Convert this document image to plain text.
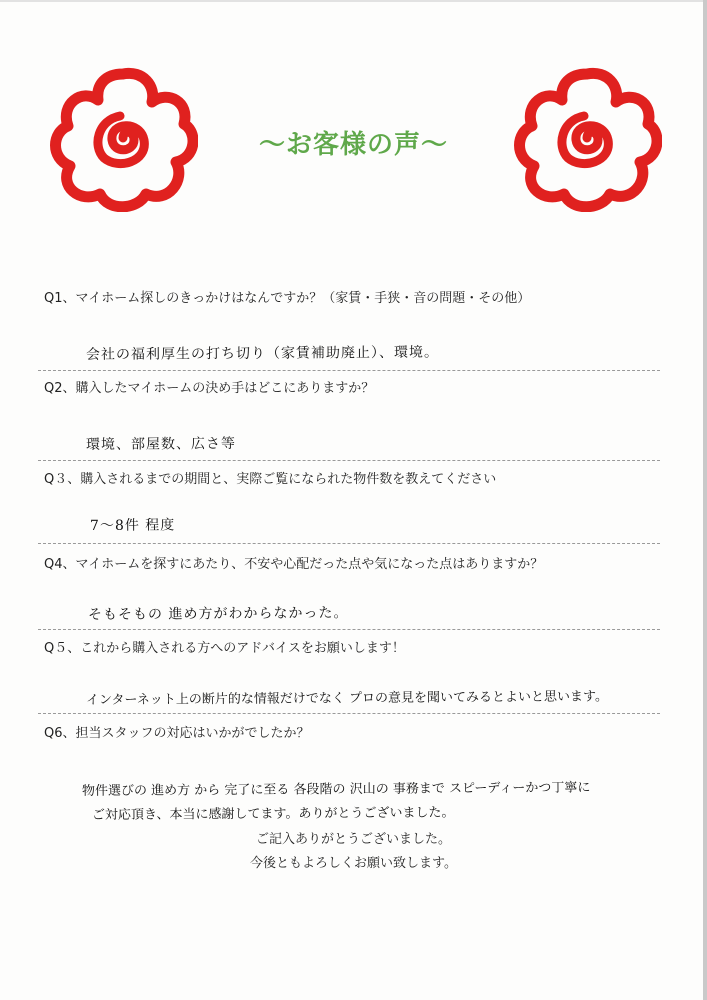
～お客様の声～
Q1、マイホーム探しのきっかけはなんですか？（家賃・手狭・音の問題・その他）
会社の福利厚生の打ち切り（家賃補助廃止）、環境。
Q2、購入したマイホームの決め手はどこにありますか？
環境、部屋数、広さ等
Q３、購入されるまでの期間と、実際ご覧になられた物件数を教えてください
7～8件 程度
Q4、マイホームを探すにあたり、不安や心配だった点や気になった点はありますか？
そもそもの 進め方がわからなかった。
Q５、これから購入される方へのアドバイスをお願いします！
インターネット上の断片的な情報だけでなく プロの意見を聞いてみるとよいと思います。
Q6、担当スタッフの対応はいかがでしたか？
物件選びの 進め方 から 完了に至る 各段階の 沢山の 事務まで スピーディーかつ丁寧に
ご対応頂き、本当に感謝してます。ありがとうございました。
ご記入ありがとうございました。
今後ともよろしくお願い致します。
